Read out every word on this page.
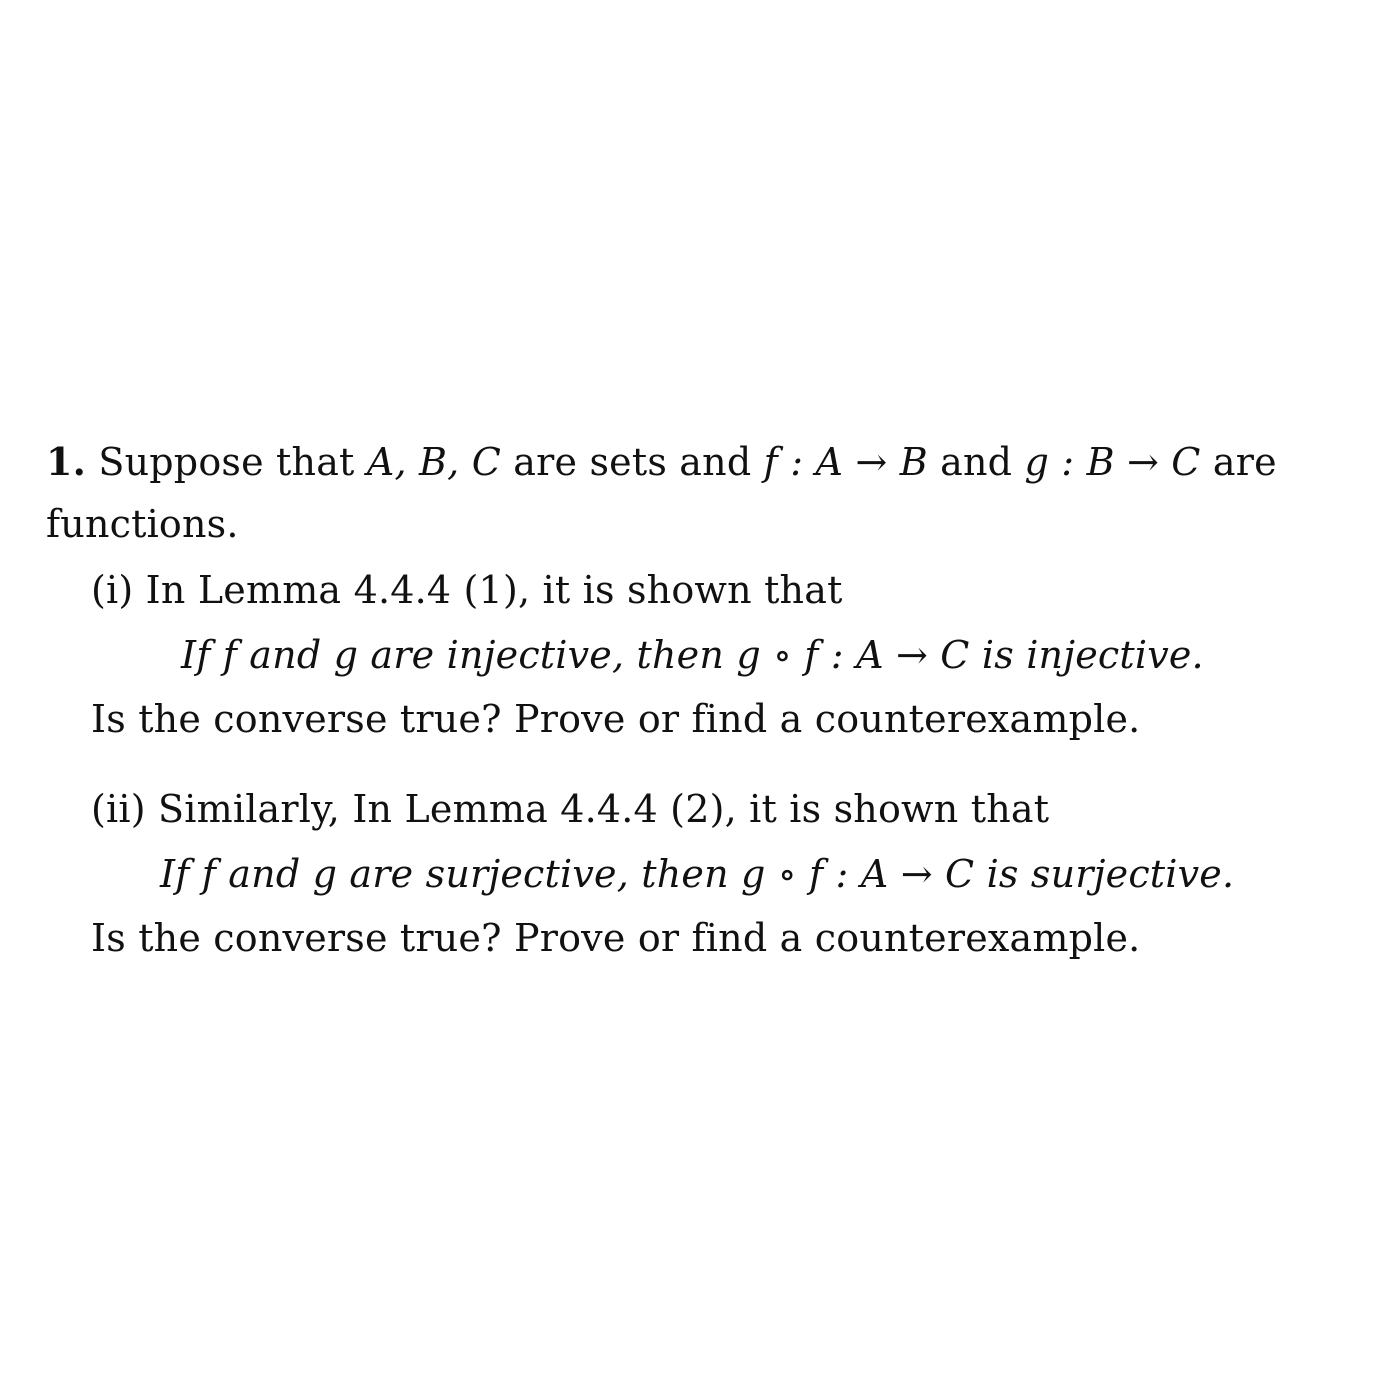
1. Suppose that A, B, C are sets and f : A → B and g : B → C are
functions.
(i) In Lemma 4.4.4 (1), it is shown that
If f and g are injective, then g ∘ f : A → C is injective.
Is the converse true? Prove or find a counterexample.
(ii) Similarly, In Lemma 4.4.4 (2), it is shown that
If f and g are surjective, then g ∘ f : A → C is surjective.
Is the converse true? Prove or find a counterexample.
